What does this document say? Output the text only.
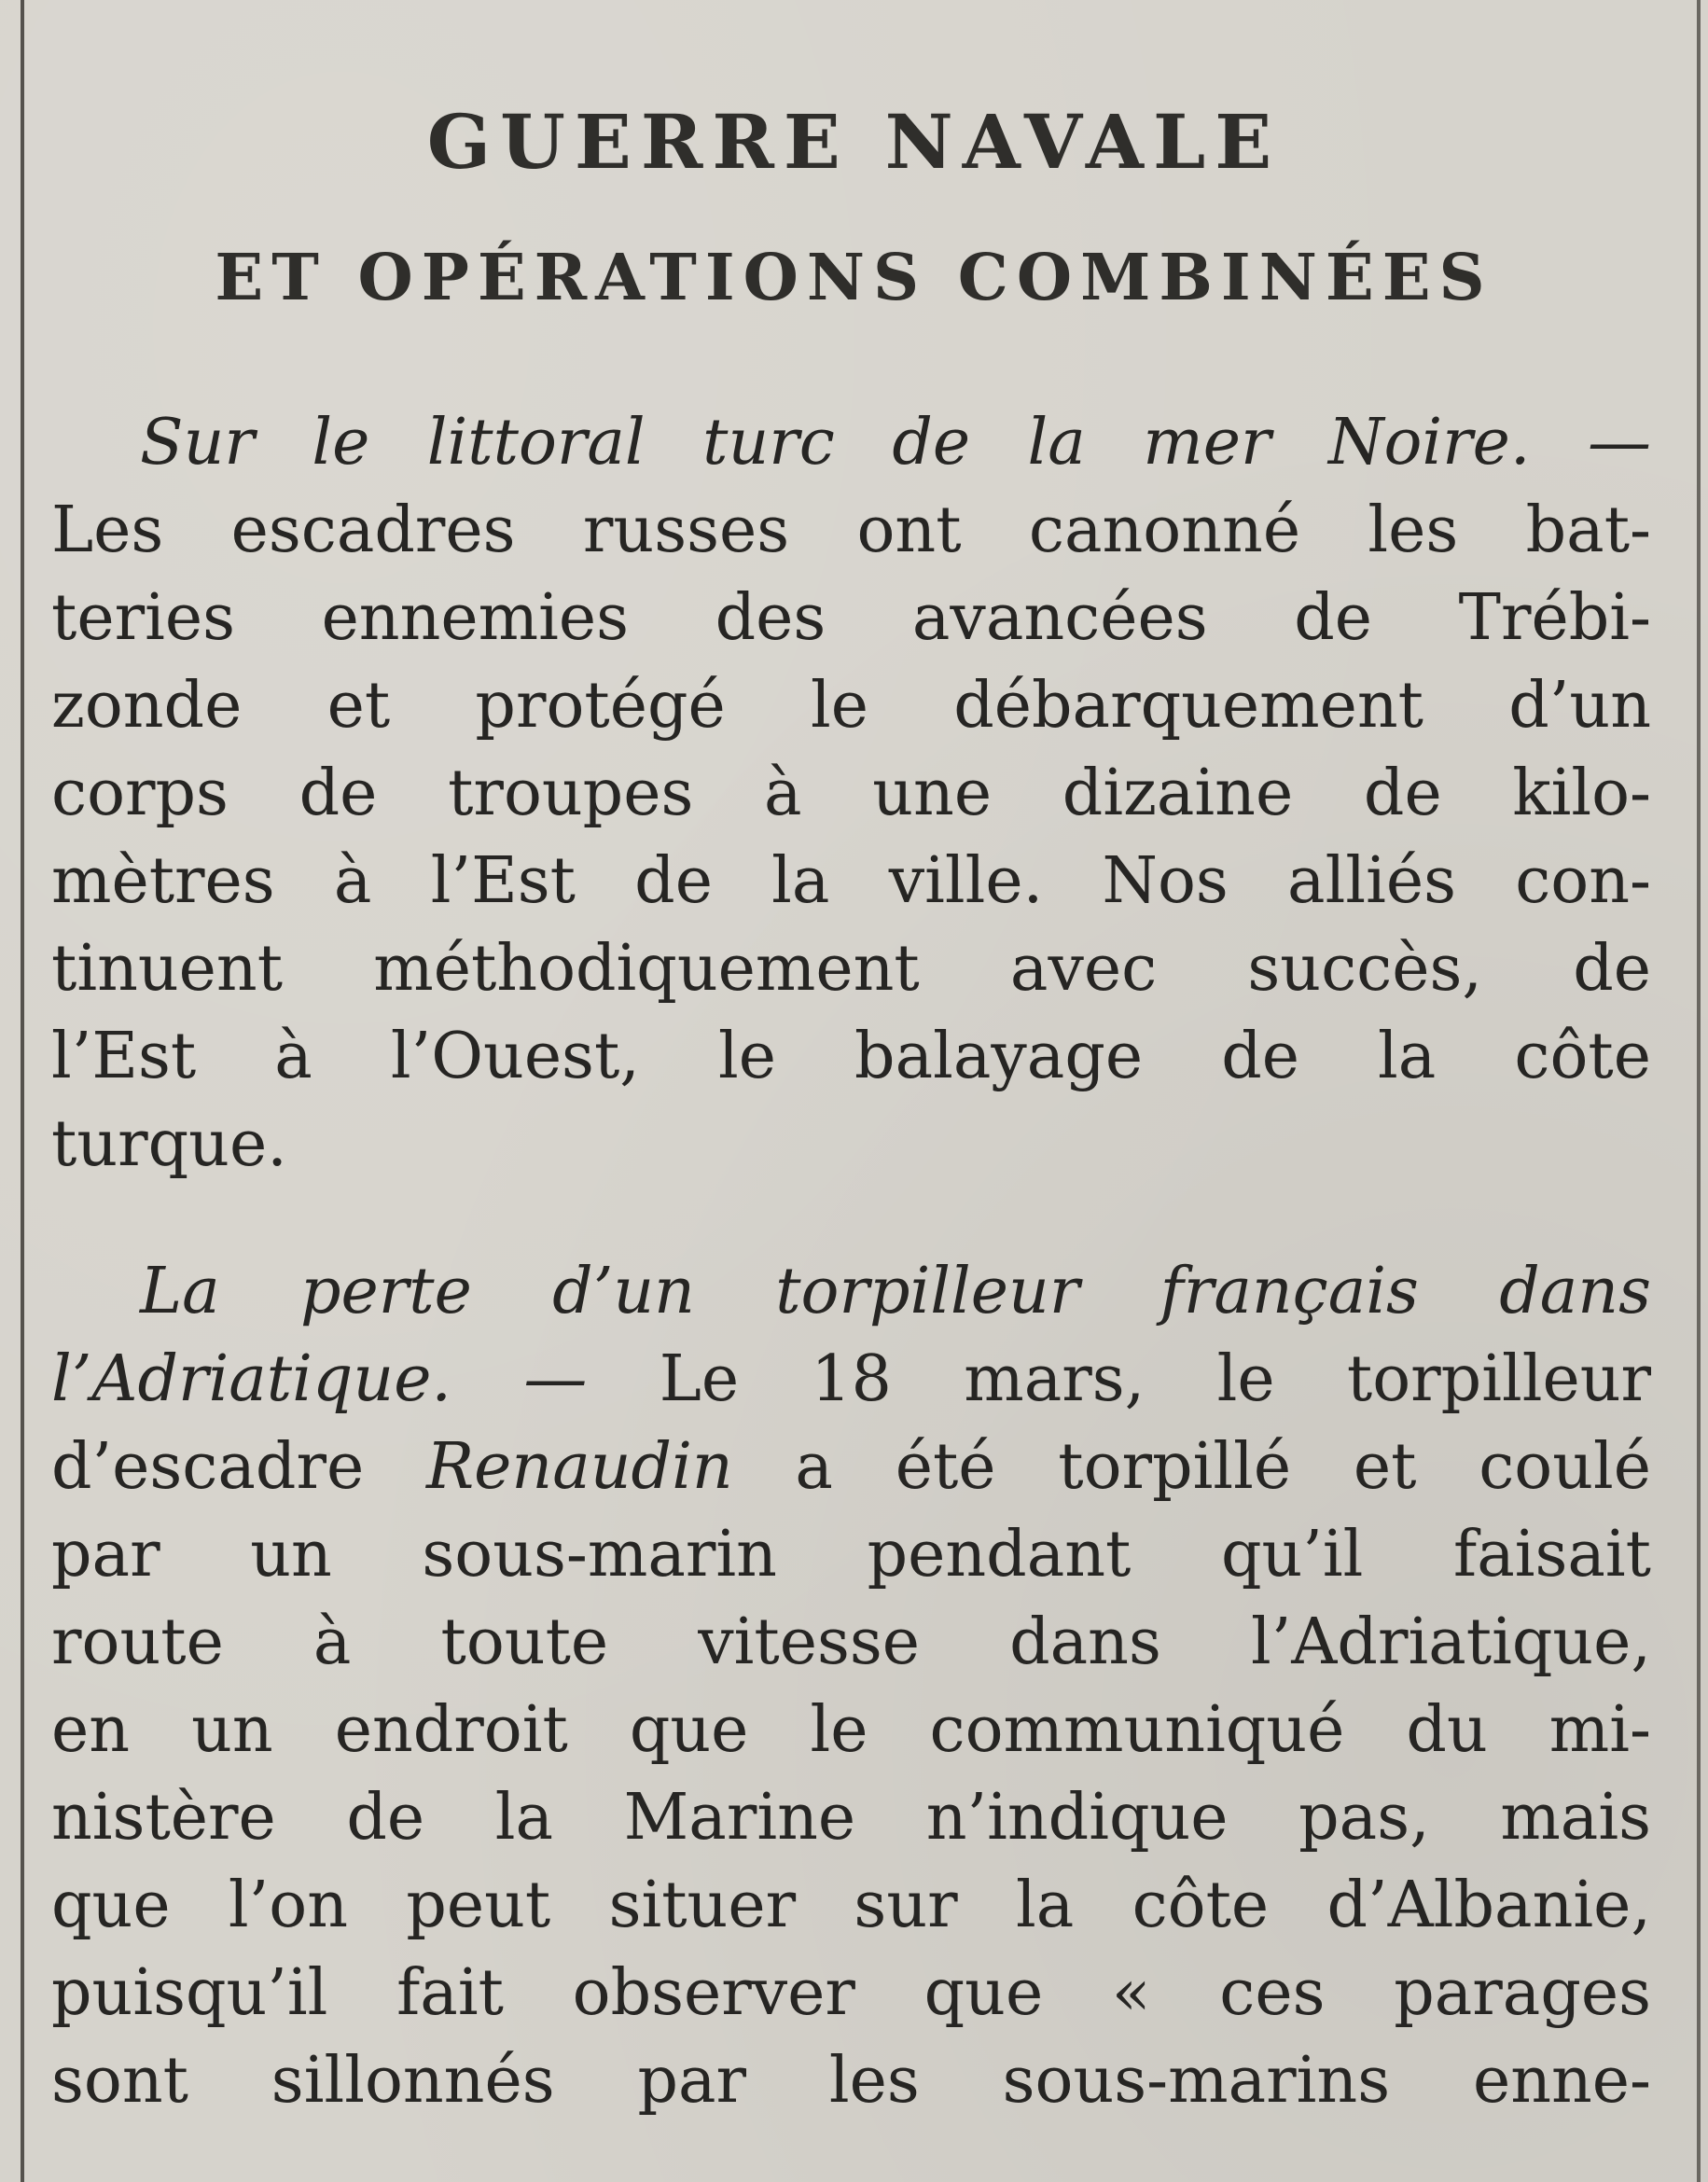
GUERRE NAVALE
ET OPÉRATIONS COMBINÉES
Sur le littoral turc de la mer Noire. —
Les escadres russes ont canonné les bat-
teries ennemies des avancées de Trébi-
zonde et protégé le débarquement d’un
corps de troupes à une dizaine de kilo-
mètres à l’Est de la ville. Nos alliés con-
tinuent méthodiquement avec succès, de
l’Est à l’Ouest, le balayage de la côte
turque.
La perte d’un torpilleur français dans
l’Adriatique. — Le 18 mars, le torpilleur
d’escadre Renaudin a été torpillé et coulé
par un sous-marin pendant qu’il faisait
route à toute vitesse dans l’Adriatique,
en un endroit que le communiqué du mi-
nistère de la Marine n’indique pas, mais
que l’on peut situer sur la côte d’Albanie,
puisqu’il fait observer que « ces parages
sont sillonnés par les sous-marins enne-
